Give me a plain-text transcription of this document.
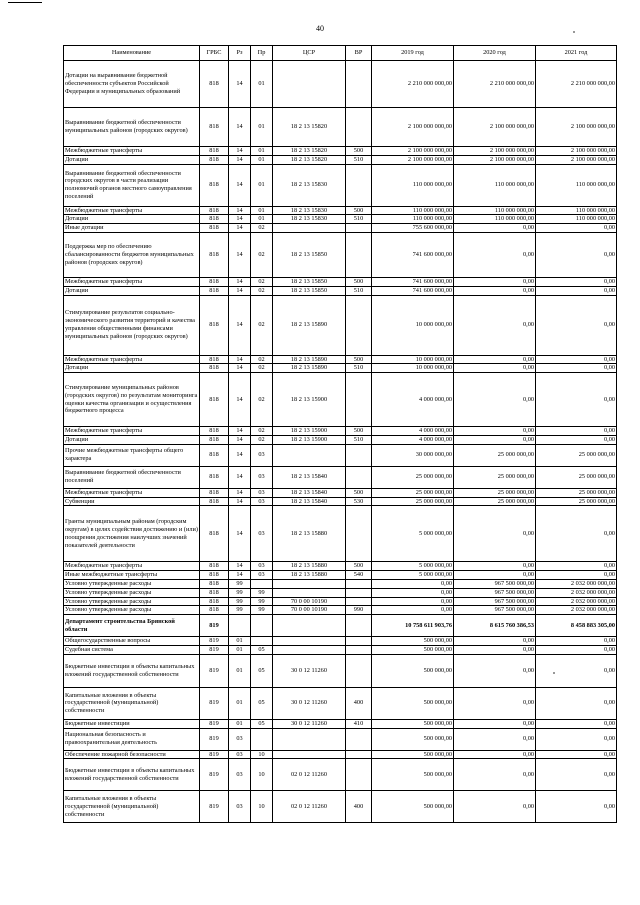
40
Наименование	ГРБС	Рз	Пр	ЦСР	ВР	2019 год	2020 год	2021 год
Дотации на выравнивание бюджетной обеспеченности субъектов Российской Федерации и муниципальных образований	818	14	01			2 210 000 000,00	2 210 000 000,00	2 210 000 000,00
Выравнивание бюджетной обеспеченности муниципальных районов (городских округов)	818	14	01	18 2 13 15820		2 100 000 000,00	2 100 000 000,00	2 100 000 000,00
Межбюджетные трансферты	818	14	01	18 2 13 15820	500	2 100 000 000,00	2 100 000 000,00	2 100 000 000,00
Дотации	818	14	01	18 2 13 15820	510	2 100 000 000,00	2 100 000 000,00	2 100 000 000,00
Выравнивание бюджетной обеспеченности городских округов в части реализации полномочий органов местного самоуправления поселений	818	14	01	18 2 13 15830		110 000 000,00	110 000 000,00	110 000 000,00
Межбюджетные трансферты	818	14	01	18 2 13 15830	500	110 000 000,00	110 000 000,00	110 000 000,00
Дотации	818	14	01	18 2 13 15830	510	110 000 000,00	110 000 000,00	110 000 000,00
Иные дотации	818	14	02			755 600 000,00	0,00	0,00
Поддержка мер по обеспечению сбалансированности бюджетов муниципальных районов (городских округов)	818	14	02	18 2 13 15850		741 600 000,00	0,00	0,00
Межбюджетные трансферты	818	14	02	18 2 13 15850	500	741 600 000,00	0,00	0,00
Дотации	818	14	02	18 2 13 15850	510	741 600 000,00	0,00	0,00
Стимулирование результатов социально-экономического развития территорий и качества управления общественными финансами муниципальных районов (городских округов)	818	14	02	18 2 13 15890		10 000 000,00	0,00	0,00
Межбюджетные трансферты	818	14	02	18 2 13 15890	500	10 000 000,00	0,00	0,00
Дотации	818	14	02	18 2 13 15890	510	10 000 000,00	0,00	0,00
Стимулирование муниципальных районов (городских округов) по результатам мониторинга оценки качества организации и осуществления бюджетного процесса	818	14	02	18 2 13 15900		4 000 000,00	0,00	0,00
Межбюджетные трансферты	818	14	02	18 2 13 15900	500	4 000 000,00	0,00	0,00
Дотации	818	14	02	18 2 13 15900	510	4 000 000,00	0,00	0,00
Прочие межбюджетные трансферты общего характера	818	14	03			30 000 000,00	25 000 000,00	25 000 000,00
Выравнивание бюджетной обеспеченности поселений	818	14	03	18 2 13 15840		25 000 000,00	25 000 000,00	25 000 000,00
Межбюджетные трансферты	818	14	03	18 2 13 15840	500	25 000 000,00	25 000 000,00	25 000 000,00
Субвенции	818	14	03	18 2 13 15840	530	25 000 000,00	25 000 000,00	25 000 000,00
Гранты муниципальным районам (городским округам) в целях содействия достижению и (или) поощрения достижения наилучших значений показателей деятельности	818	14	03	18 2 13 15880		5 000 000,00	0,00	0,00
Межбюджетные трансферты	818	14	03	18 2 13 15880	500	5 000 000,00	0,00	0,00
Иные межбюджетные трансферты	818	14	03	18 2 13 15880	540	5 000 000,00	0,00	0,00
Условно утвержденные расходы	818	99				0,00	967 500 000,00	2 032 000 000,00
Условно утвержденные расходы	818	99	99			0,00	967 500 000,00	2 032 000 000,00
Условно утвержденные расходы	818	99	99	70 0 00 10190		0,00	967 500 000,00	2 032 000 000,00
Условно утвержденные расходы	818	99	99	70 0 00 10190	990	0,00	967 500 000,00	2 032 000 000,00
Департамент строительства Брянской области	819					10 758 611 903,76	8 615 760 386,53	8 458 883 305,00
Общегосударственные вопросы	819	01				500 000,00	0,00	0,00
Судебная система	819	01	05			500 000,00	0,00	0,00
Бюджетные инвестиции в объекты капитальных вложений государственной собственности	819	01	05	30 0 12 11260		500 000,00	0,00	0,00
Капитальные вложения в объекты государственной (муниципальной) собственности	819	01	05	30 0 12 11260	400	500 000,00	0,00	0,00
Бюджетные инвестиции	819	01	05	30 0 12 11260	410	500 000,00	0,00	0,00
Национальная безопасность и правоохранительная деятельность	819	03				500 000,00	0,00	0,00
Обеспечение пожарной безопасности	819	03	10			500 000,00	0,00	0,00
Бюджетные инвестиции в объекты капитальных вложений государственной собственности	819	03	10	02 0 12 11260		500 000,00	0,00	0,00
Капитальные вложения в объекты государственной (муниципальной) собственности	819	03	10	02 0 12 11260	400	500 000,00	0,00	0,00
